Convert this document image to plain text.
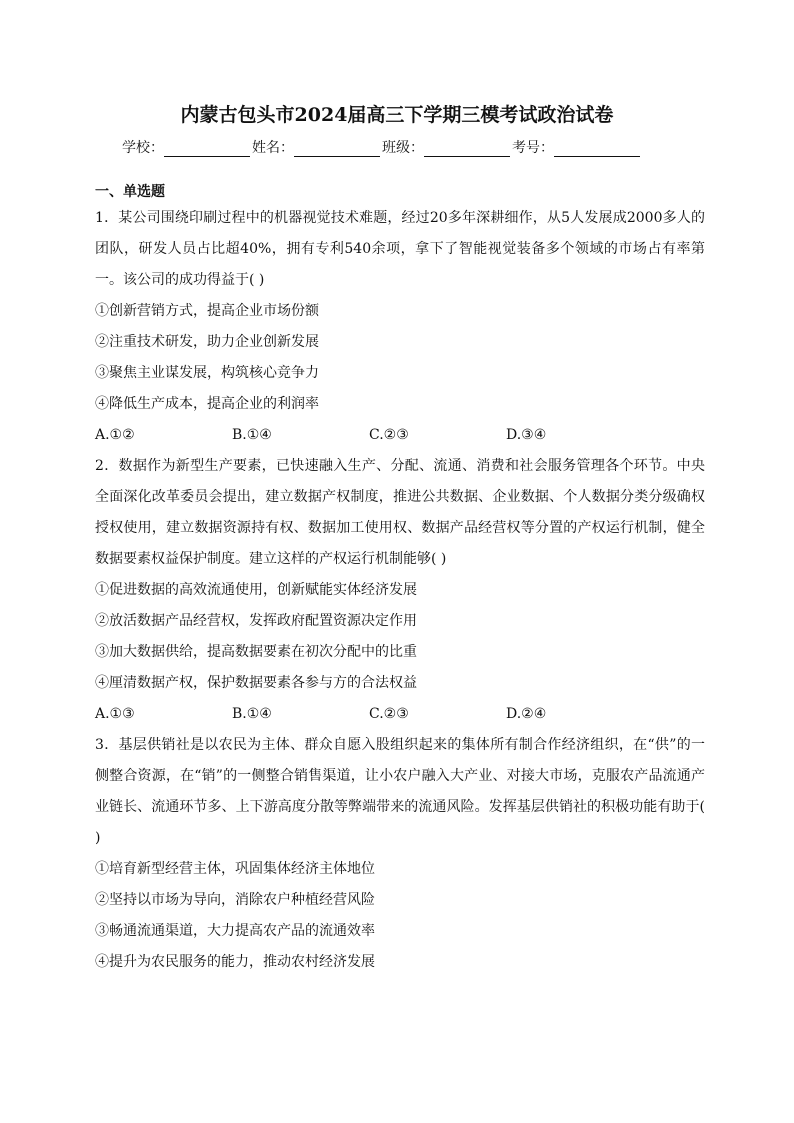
内蒙古包头市2024届高三下学期三模考试政治试卷
学校：	姓名：	班级：	考号：
一、单选题
1．某公司围绕印刷过程中的机器视觉技术难题，经过20多年深耕细作，从5人发展成2000多人的团队，研发人员占比超40%，拥有专利540余项，拿下了智能视觉装备多个领域的市场占有率第一。该公司的成功得益于( )
①创新营销方式，提高企业市场份额
②注重技术研发，助力企业创新发展
③聚焦主业谋发展，构筑核心竞争力
④降低生产成本，提高企业的利润率
A.①②	B.①④	C.②③	D.③④
2．数据作为新型生产要素，已快速融入生产、分配、流通、消费和社会服务管理各个环节。中央全面深化改革委员会提出，建立数据产权制度，推进公共数据、企业数据、个人数据分类分级确权授权使用，建立数据资源持有权、数据加工使用权、数据产品经营权等分置的产权运行机制，健全数据要素权益保护制度。建立这样的产权运行机制能够( )
①促进数据的高效流通使用，创新赋能实体经济发展
②放活数据产品经营权，发挥政府配置资源决定作用
③加大数据供给，提高数据要素在初次分配中的比重
④厘清数据产权，保护数据要素各参与方的合法权益
A.①③	B.①④	C.②③	D.②④
3．基层供销社是以农民为主体、群众自愿入股组织起来的集体所有制合作经济组织，在“供”的一侧整合资源，在“销”的一侧整合销售渠道，让小农户融入大产业、对接大市场，克服农产品流通产业链长、流通环节多、上下游高度分散等弊端带来的流通风险。发挥基层供销社的积极功能有助于( )
①培育新型经营主体，巩固集体经济主体地位
②坚持以市场为导向，消除农户种植经营风险
③畅通流通渠道，大力提高农产品的流通效率
④提升为农民服务的能力，推动农村经济发展
